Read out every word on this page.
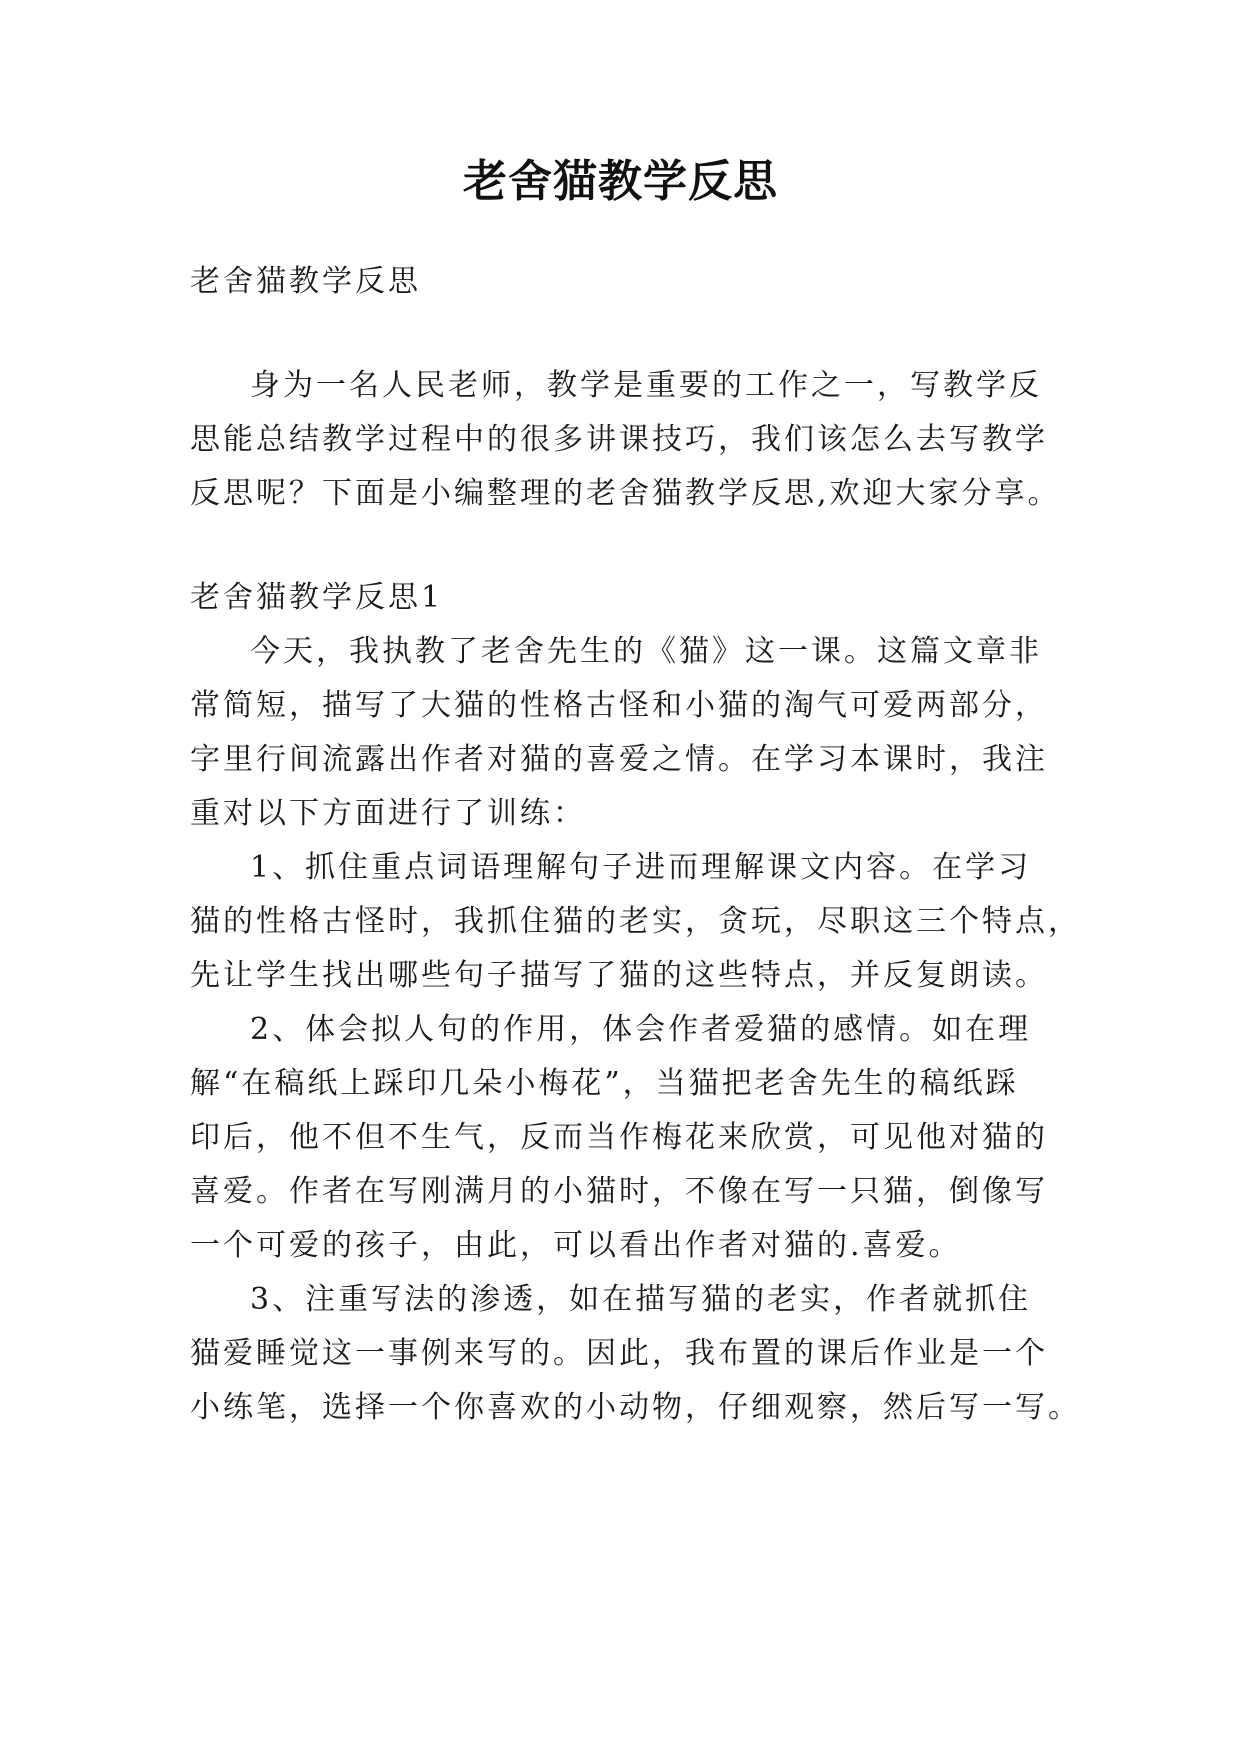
老舍猫教学反思
老舍猫教学反思
身为一名人民老师，教学是重要的工作之一，写教学反
思能总结教学过程中的很多讲课技巧，我们该怎么去写教学
反思呢？下面是小编整理的老舍猫教学反思,欢迎大家分享。
老舍猫教学反思1
今天，我执教了老舍先生的《猫》这一课。这篇文章非
常简短，描写了大猫的性格古怪和小猫的淘气可爱两部分，
字里行间流露出作者对猫的喜爱之情。在学习本课时，我注
重对以下方面进行了训练：
1、抓住重点词语理解句子进而理解课文内容。在学习
猫的性格古怪时，我抓住猫的老实，贪玩，尽职这三个特点，
先让学生找出哪些句子描写了猫的这些特点，并反复朗读。
2、体会拟人句的作用，体会作者爱猫的感情。如在理
解“在稿纸上踩印几朵小梅花”，当猫把老舍先生的稿纸踩
印后，他不但不生气，反而当作梅花来欣赏，可见他对猫的
喜爱。作者在写刚满月的小猫时，不像在写一只猫，倒像写
一个可爱的孩子，由此，可以看出作者对猫的.喜爱。
3、注重写法的渗透，如在描写猫的老实，作者就抓住
猫爱睡觉这一事例来写的。因此，我布置的课后作业是一个
小练笔，选择一个你喜欢的小动物，仔细观察，然后写一写。
